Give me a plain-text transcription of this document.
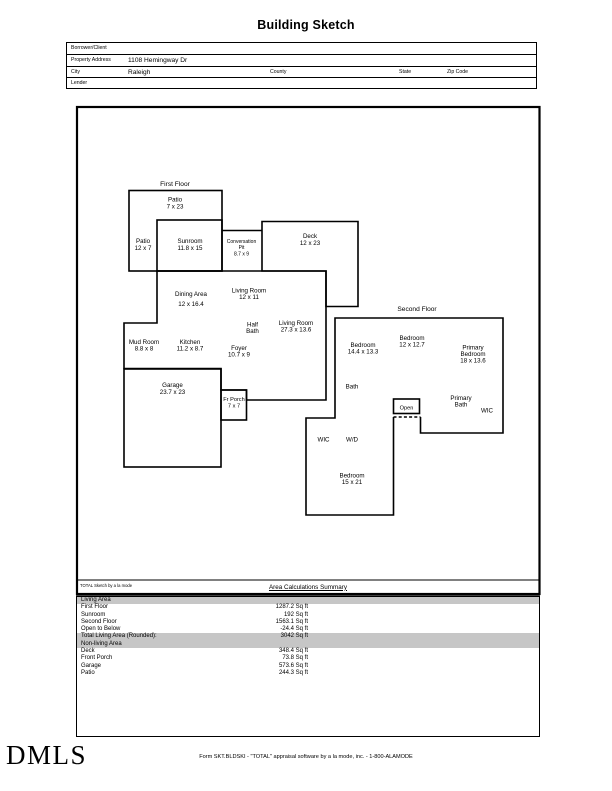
Building Sketch
Borrower/Client
Property Address	1108 Hemingway Dr
City	Raleigh	County	State	Zip Code
Lender
First Floor
Second Floor
Patio
7 x 23
Patio
12 x 7
Sunroom
11.8 x 15
Conversation
Pit
8.7 x 9
Deck
12 x 23
Dining Area
12 x 16.4
Living Room
12 x 11
Half
Bath
Living Room
27.3 x 13.6
Mud Room
8.8 x 8
Kitchen
11.2 x 8.7	Foyer
10.7 x 9
Fr Porch
7 x 7
Garage
23.7 x 23
Bedroom
14.4 x 13.3
Bedroom
12 x 12.7	Primary
Bedroom
18 x 13.6
Bath
Open
Primary
Bath
WIC
WIC	W/D
Bedroom
15 x 21
TOTAL Sketch by a la mode	Area Calculations Summary
Living Area
First Floor	1287.2 Sq ft
Sunroom	192 Sq ft
Second Floor	1563.1 Sq ft
Open to Below	-24.4 Sq ft
Total Living Area (Rounded):	3042 Sq ft
Non-living Area
Deck	348.4 Sq ft
Front Porch	73.8 Sq ft
Garage	573.6 Sq ft
Patio	244.3 Sq ft
DMLS	Form SKT.BLDSKI - "TOTAL" appraisal software by a la mode, inc. - 1-800-ALAMODE
